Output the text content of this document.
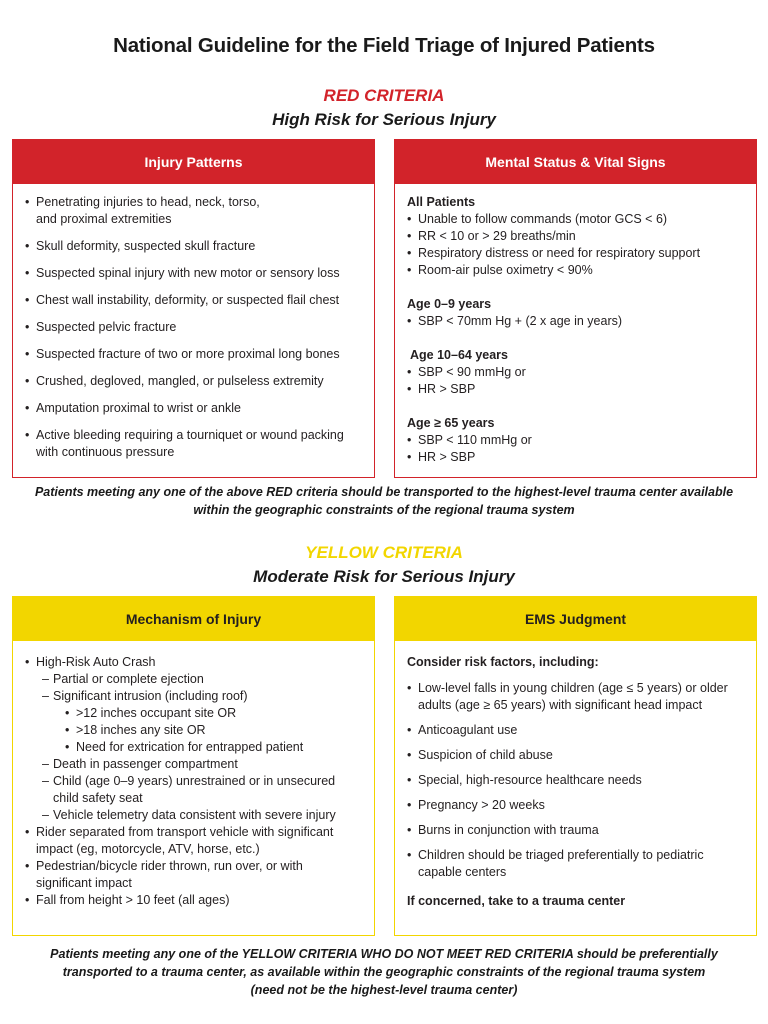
National Guideline for the Field Triage of Injured Patients
RED CRITERIA
High Risk for Serious Injury
Injury Patterns
• Penetrating injuries to head, neck, torso, and proximal extremities
• Skull deformity, suspected skull fracture
• Suspected spinal injury with new motor or sensory loss
• Chest wall instability, deformity, or suspected flail chest
• Suspected pelvic fracture
• Suspected fracture of two or more proximal long bones
• Crushed, degloved, mangled, or pulseless extremity
• Amputation proximal to wrist or ankle
• Active bleeding requiring a tourniquet or wound packing with continuous pressure
Mental Status & Vital Signs
All Patients
• Unable to follow commands (motor GCS < 6)
• RR < 10 or > 29 breaths/min
• Respiratory distress or need for respiratory support
• Room-air pulse oximetry < 90%
Age 0–9 years
• SBP < 70mm Hg + (2 x age in years)
Age 10–64 years
• SBP < 90 mmHg or
• HR > SBP
Age ≥ 65 years
• SBP < 110 mmHg or
• HR > SBP
Patients meeting any one of the above RED criteria should be transported to the highest-level trauma center available within the geographic constraints of the regional trauma system
YELLOW CRITERIA
Moderate Risk for Serious Injury
Mechanism of Injury
• High-Risk Auto Crash
– Partial or complete ejection
– Significant intrusion (including roof)
• >12 inches occupant site OR
• >18 inches any site OR
• Need for extrication for entrapped patient
– Death in passenger compartment
– Child (age 0–9 years) unrestrained or in unsecured child safety seat
– Vehicle telemetry data consistent with severe injury
• Rider separated from transport vehicle with significant impact (eg, motorcycle, ATV, horse, etc.)
• Pedestrian/bicycle rider thrown, run over, or with significant impact
• Fall from height > 10 feet (all ages)
EMS Judgment
Consider risk factors, including:
• Low-level falls in young children (age ≤ 5 years) or older adults (age ≥ 65 years) with significant head impact
• Anticoagulant use
• Suspicion of child abuse
• Special, high-resource healthcare needs
• Pregnancy > 20 weeks
• Burns in conjunction with trauma
• Children should be triaged preferentially to pediatric capable centers
If concerned, take to a trauma center
Patients meeting any one of the YELLOW CRITERIA WHO DO NOT MEET RED CRITERIA should be preferentially
transported to a trauma center, as available within the geographic constraints of the regional trauma system
(need not be the highest-level trauma center)
